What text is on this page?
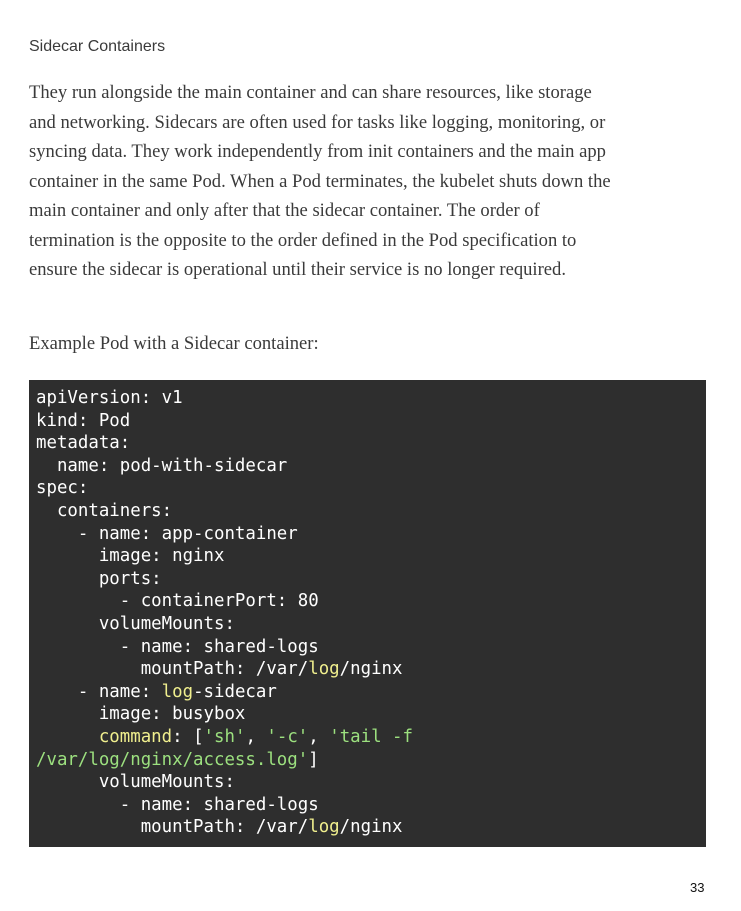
Sidecar Containers

They run alongside the main container and can share resources, like storage
and networking. Sidecars are often used for tasks like logging, monitoring, or
syncing data. They work independently from init containers and the main app
container in the same Pod. When a Pod terminates, the kubelet shuts down the
main container and only after that the sidecar container. The order of
termination is the opposite to the order defined in the Pod specification to
ensure the sidecar is operational until their service is no longer required.

Example Pod with a Sidecar container:

apiVersion: v1
kind: Pod
metadata:
name: pod-with-sidecar
spec:
containers:
- name: app-container
image: nginx
ports:
- containerPort: 80
volumeMounts:
- name: shared-logs
mountPath: /var/log/nginx
- name: log-sidecar
image: busybox
command: ['sh', '-c', 'tail -f
/var/log/nginx/access.log']
volumeMounts:
- name: shared-logs
mountPath: /var/log/nginx
33
